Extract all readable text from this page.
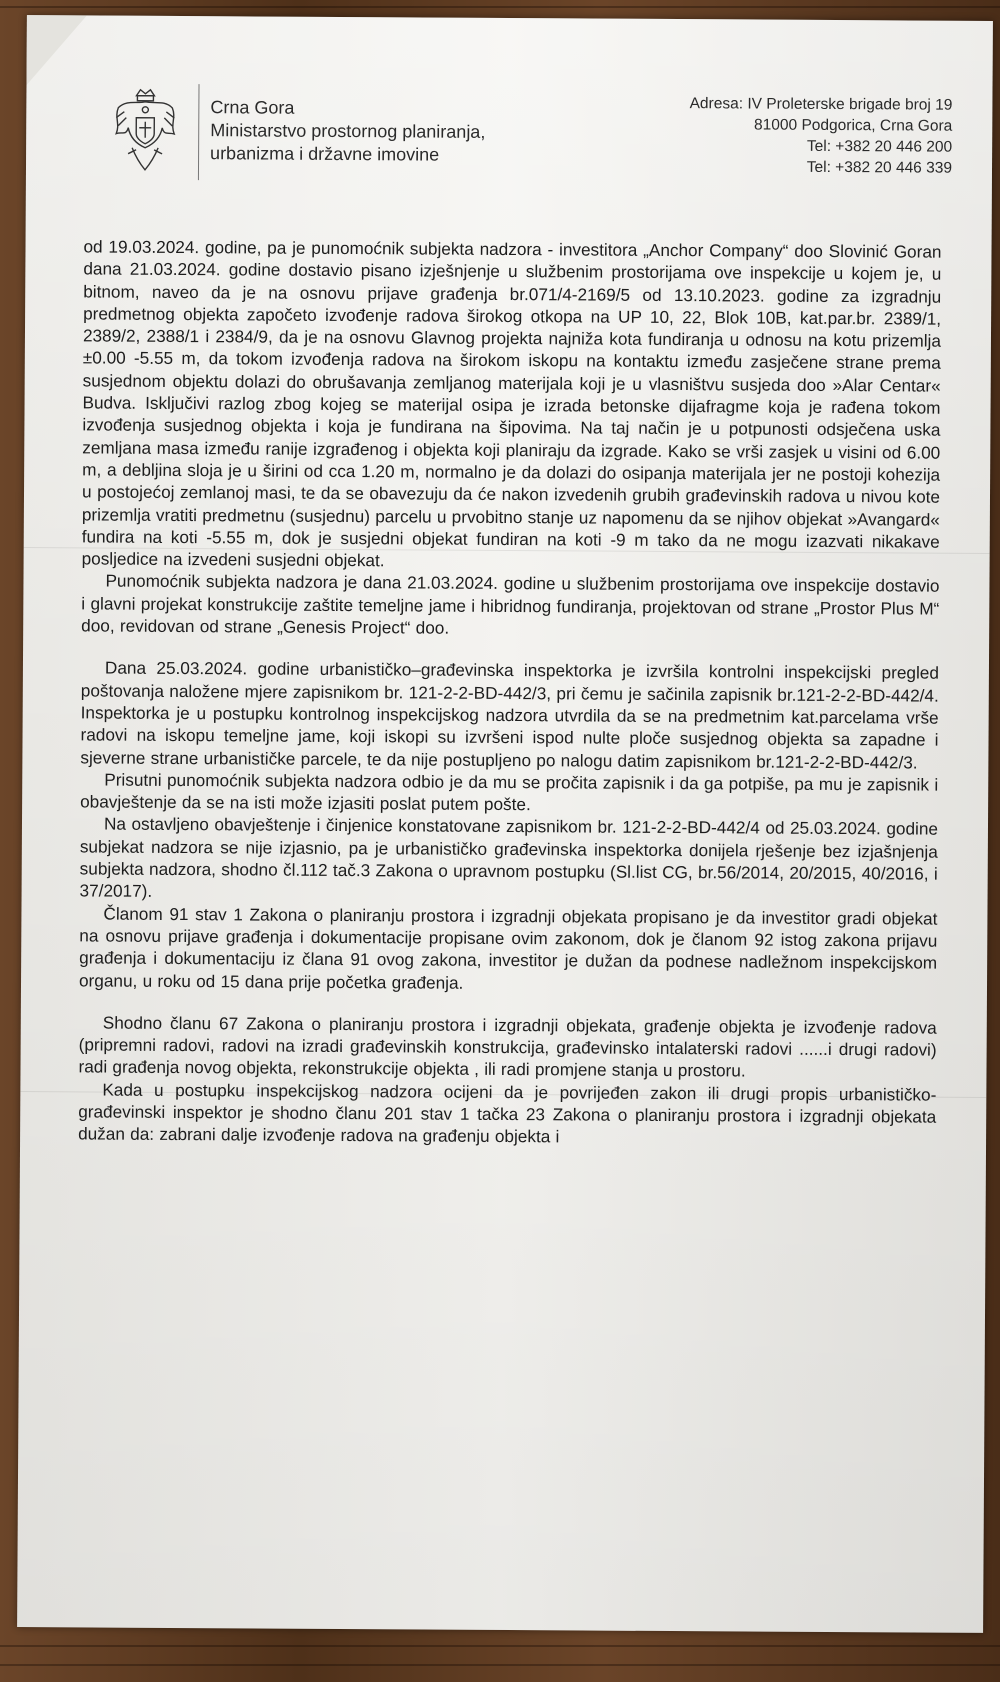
Crna Gora
Ministarstvo prostornog planiranja,
urbanizma i državne imovine
Adresa: IV Proleterske brigade broj 19
81000 Podgorica, Crna Gora
Tel: +382 20 446 200
Tel: +382 20 446 339

od 19.03.2024. godine, pa je punomoćnik subjekta nadzora - investitora „Anchor Company“ doo Slovinić Goran dana 21.03.2024. godine dostavio pisano izješnjenje u službenim prostorijama ove inspekcije u kojem je, u bitnom, naveo da je na osnovu prijave građenja br.071/4-2169/5 od 13.10.2023. godine za izgradnju predmetnog objekta započeto izvođenje radova širokog otkopa na UP 10, 22, Blok 10B, kat.par.br. 2389/1, 2389/2, 2388/1 i 2384/9, da je na osnovu Glavnog projekta najniža kota fundiranja u odnosu na kotu prizemlja ±0.00 -5.55 m, da tokom izvođenja radova na širokom iskopu na kontaktu između zasječene strane prema susjednom objektu dolazi do obrušavanja zemljanog materijala koji je u vlasništvu susjeda doo »Alar Centar« Budva. Isključivi razlog zbog kojeg se materijal osipa je izrada betonske dijafragme koja je rađena tokom izvođenja susjednog objekta i koja je fundirana na šipovima. Na taj način je u potpunosti odsječena uska zemljana masa između ranije izgrađenog i objekta koji planiraju da izgrade. Kako se vrši zasjek u visini od 6.00 m, a debljina sloja je u širini od cca 1.20 m, normalno je da dolazi do osipanja materijala jer ne postoji kohezija u postojećoj zemlanoj masi, te da se obavezuju da će nakon izvedenih grubih građevinskih radova u nivou kote prizemlja vratiti predmetnu (susjednu) parcelu u prvobitno stanje uz napomenu da se njihov objekat »Avangard« fundira na koti -5.55 m, dok je susjedni objekat fundiran na koti -9 m tako da ne mogu izazvati nikakave posljedice na izvedeni susjedni objekat.

Punomoćnik subjekta nadzora je dana 21.03.2024. godine u službenim prostorijama ove inspekcije dostavio i glavni projekat konstrukcije zaštite temeljne jame i hibridnog fundiranja, projektovan od strane „Prostor Plus M“ doo, revidovan od strane „Genesis Project“ doo.

Dana 25.03.2024. godine urbanističko–građevinska inspektorka je izvršila kontrolni inspekcijski pregled poštovanja naložene mjere zapisnikom br. 121-2-2-BD-442/3, pri čemu je sačinila zapisnik br.121-2-2-BD-442/4. Inspektorka je u postupku kontrolnog inspekcijskog nadzora utvrdila da se na predmetnim kat.parcelama vrše radovi na iskopu temeljne jame, koji iskopi su izvršeni ispod nulte ploče susjednog objekta sa zapadne i sjeverne strane urbanističke parcele, te da nije postupljeno po nalogu datim zapisnikom br.121-2-2-BD-442/3.

Prisutni punomoćnik subjekta nadzora odbio je da mu se pročita zapisnik i da ga potpiše, pa mu je zapisnik i obavještenje da se na isti može izjasiti poslat putem pošte.

Na ostavljeno obavještenje i činjenice konstatovane zapisnikom br. 121-2-2-BD-442/4 od 25.03.2024. godine subjekat nadzora se nije izjasnio, pa je urbanističko građevinska inspektorka donijela rješenje bez izjašnjenja subjekta nadzora, shodno čl.112 tač.3 Zakona o upravnom postupku (Sl.list CG, br.56/2014, 20/2015, 40/2016, i 37/2017).

Članom 91 stav 1 Zakona o planiranju prostora i izgradnji objekata propisano je da investitor gradi objekat na osnovu prijave građenja i dokumentacije propisane ovim zakonom, dok je članom 92 istog zakona prijavu građenja i dokumentaciju iz člana 91 ovog zakona, investitor je dužan da podnese nadležnom inspekcijskom organu, u roku od 15 dana prije početka građenja.

Shodno članu 67 Zakona o planiranju prostora i izgradnji objekata, građenje objekta je izvođenje radova (pripremni radovi, radovi na izradi građevinskih konstrukcija, građevinsko intalaterski radovi ......i drugi radovi) radi građenja novog objekta, rekonstrukcije objekta , ili radi promjene stanja u prostoru.

Kada u postupku inspekcijskog nadzora ocijeni da je povrijeđen zakon ili drugi propis urbanističko-građevinski inspektor je shodno članu 201 stav 1 tačka 23 Zakona o planiranju prostora i izgradnji objekata dužan da: zabrani dalje izvođenje radova na građenju objekta i
